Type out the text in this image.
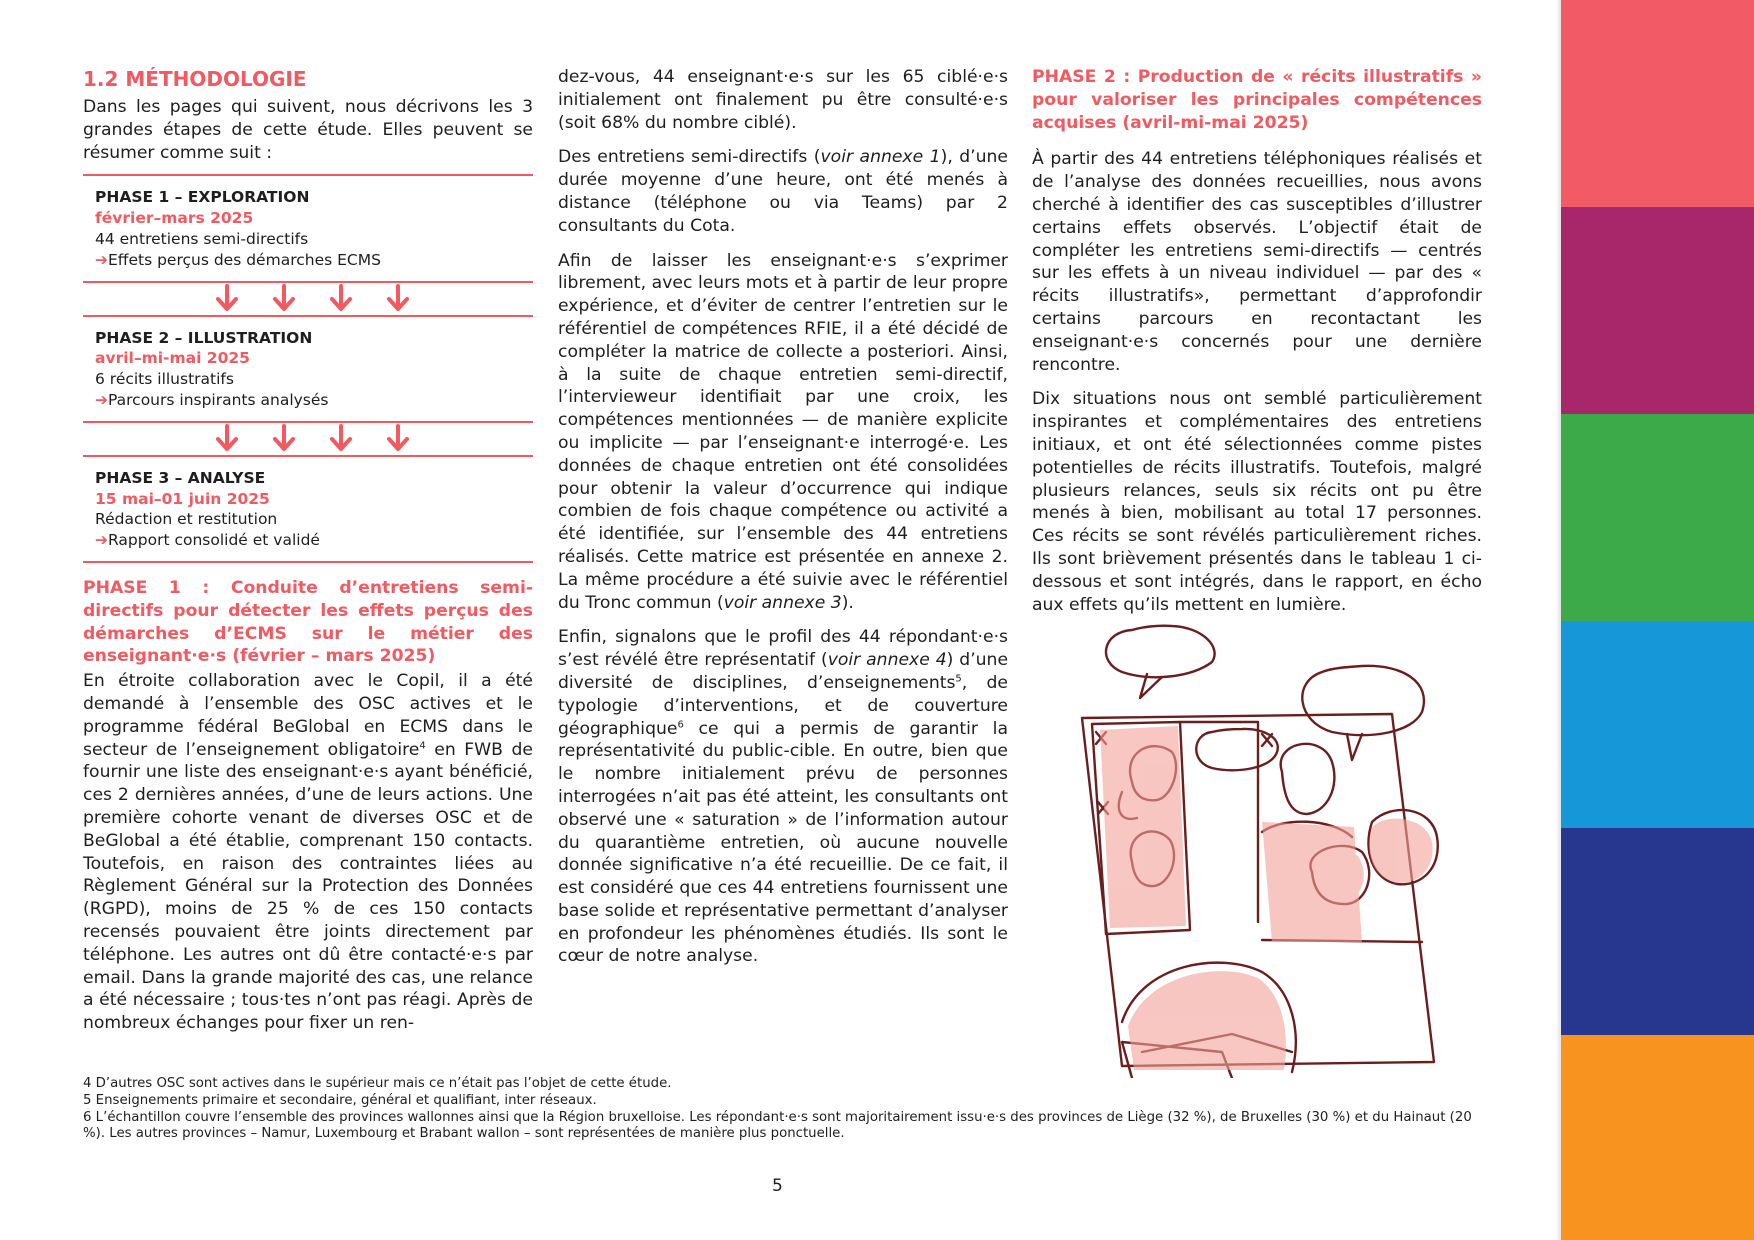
1.2 MÉTHODOLOGIE

Dans les pages qui suivent, nous décrivons les 3 grandes étapes de cette étude. Elles peuvent se résumer comme suit :

PHASE 1 – EXPLORATION
février–mars 2025
44 entretiens semi-directifs
➔Effets perçus des démarches ECMS
PHASE 2 – ILLUSTRATION
avril–mi-mai 2025
6 récits illustratifs
➔Parcours inspirants analysés
PHASE 3 – ANALYSE
15 mai–01 juin 2025
Rédaction et restitution
➔Rapport consolidé et validé
PHASE 1 : Conduite d’entretiens semi-directifs pour détecter les effets perçus des démarches d’ECMS sur le métier des enseignant·e·s (février – mars 2025)

En étroite collaboration avec le Copil, il a été demandé à l’ensemble des OSC actives et le programme fédéral BeGlobal en ECMS dans le secteur de l’enseignement obligatoire$^4$ en FWB de fournir une liste des enseignant·e·s ayant bénéficié, ces 2 dernières années, d’une de leurs actions. Une première cohorte venant de diverses OSC et de BeGlobal a été établie, comprenant 150 contacts. Toutefois, en raison des contraintes liées au Règlement Général sur la Protection des Données (RGPD), moins de 25 % de ces 150 contacts recensés pouvaient être joints directement par téléphone. Les autres ont dû être contacté·e·s par email. Dans la grande majorité des cas, une relance a été nécessaire ; tous·tes n’ont pas réagi. Après de nombreux échanges pour fixer un ren-

dez-vous, 44 enseignant·e·s sur les 65 ciblé·e·s initialement ont finalement pu être consulté·e·s (soit 68% du nombre ciblé).

Des entretiens semi-directifs (voir annexe 1), d’une durée moyenne d’une heure, ont été menés à distance (téléphone ou via Teams) par 2 consultants du Cota.

Afin de laisser les enseignant·e·s s’exprimer librement, avec leurs mots et à partir de leur propre expérience, et d’éviter de centrer l’entretien sur le référentiel de compétences RFIE, il a été décidé de compléter la matrice de collecte a posteriori. Ainsi, à la suite de chaque entretien semi-directif, l’intervieweur identifiait par une croix, les compétences mentionnées — de manière explicite ou implicite — par l’enseignant·e interrogé·e. Les données de chaque entretien ont été consolidées pour obtenir la valeur d’occurrence qui indique combien de fois chaque compétence ou activité a été identifiée, sur l’ensemble des 44 entretiens réalisés. Cette matrice est présentée en annexe 2. La même procédure a été suivie avec le référentiel du Tronc commun (voir annexe 3).

Enfin, signalons que le profil des 44 répondant·e·s s’est révélé être représentatif (voir annexe 4) d’une diversité de disciplines, d’enseignements$^5$, de typologie d’interventions, et de couverture géographique$^6$ ce qui a permis de garantir la représentativité du public-cible. En outre, bien que le nombre initialement prévu de personnes interrogées n’ait pas été atteint, les consultants ont observé une « saturation » de l’information autour du quarantième entretien, où aucune nouvelle donnée significative n’a été recueillie. De ce fait, il est considéré que ces 44 entretiens fournissent une base solide et représentative permettant d’analyser en profondeur les phénomènes étudiés. Ils sont le cœur de notre analyse.

PHASE 2 : Production de « récits illustratifs » pour valoriser les principales compétences acquises (avril-mi-mai 2025)

À partir des 44 entretiens téléphoniques réalisés et de l’analyse des données recueillies, nous avons cherché à identifier des cas susceptibles d’illustrer certains effets observés. L’objectif était de compléter les entretiens semi-directifs — centrés sur les effets à un niveau individuel — par des « récits illustratifs», permettant d’approfondir certains parcours en recontactant les enseignant·e·s concernés pour une dernière rencontre.

Dix situations nous ont semblé particulièrement inspirantes et complémentaires des entretiens initiaux, et ont été sélectionnées comme pistes potentielles de récits illustratifs. Toutefois, malgré plusieurs relances, seuls six récits ont pu être menés à bien, mobilisant au total 17 personnes. Ces récits se sont révélés particulièrement riches. Ils sont brièvement présentés dans le tableau 1 ci-dessous et sont intégrés, dans le rapport, en écho aux effets qu’ils mettent en lumière.

4 D’autres OSC sont actives dans le supérieur mais ce n’était pas l’objet de cette étude.
5 Enseignements primaire et secondaire, général et qualifiant, inter réseaux.
6 L’échantillon couvre l’ensemble des provinces wallonnes ainsi que la Région bruxelloise. Les répondant·e·s sont majoritairement issu·e·s des provinces de Liège (32 %), de Bruxelles (30 %) et du Hainaut (20 %). Les autres provinces – Namur, Luxembourg et Brabant wallon – sont représentées de manière plus ponctuelle.
5
